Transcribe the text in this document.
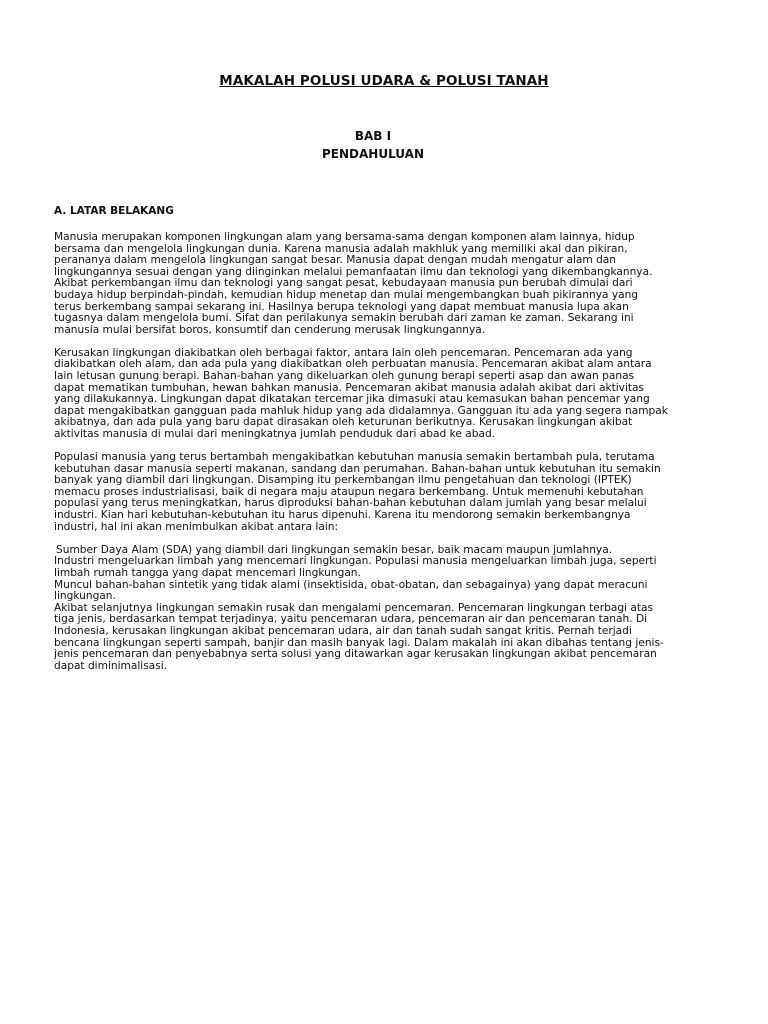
MAKALAH POLUSI UDARA & POLUSI TANAH
BAB I
PENDAHULUAN
A. LATAR BELAKANG
Manusia merupakan komponen lingkungan alam yang bersama-sama dengan komponen alam lainnya, hidup
bersama dan mengelola lingkungan dunia. Karena manusia adalah makhluk yang memiliki akal dan pikiran,
perananya dalam mengelola lingkungan sangat besar. Manusia dapat dengan mudah mengatur alam dan
lingkungannya sesuai dengan yang diinginkan melalui pemanfaatan ilmu dan teknologi yang dikembangkannya.
Akibat perkembangan ilmu dan teknologi yang sangat pesat, kebudayaan manusia pun berubah dimulai dari
budaya hidup berpindah-pindah, kemudian hidup menetap dan mulai mengembangkan buah pikirannya yang
terus berkembang sampai sekarang ini. Hasilnya berupa teknologi yang dapat membuat manusia lupa akan
tugasnya dalam mengelola bumi. Sifat dan perilakunya semakin berubah dari zaman ke zaman. Sekarang ini
manusia mulai bersifat boros, konsumtif dan cenderung merusak lingkungannya.
Kerusakan lingkungan diakibatkan oleh berbagai faktor, antara lain oleh pencemaran. Pencemaran ada yang
diakibatkan oleh alam, dan ada pula yang diakibatkan oleh perbuatan manusia. Pencemaran akibat alam antara
lain letusan gunung berapi. Bahan-bahan yang dikeluarkan oleh gunung berapi seperti asap dan awan panas
dapat mematikan tumbuhan, hewan bahkan manusia. Pencemaran akibat manusia adalah akibat dari aktivitas
yang dilakukannya. Lingkungan dapat dikatakan tercemar jika dimasuki atau kemasukan bahan pencemar yang
dapat mengakibatkan gangguan pada mahluk hidup yang ada didalamnya. Gangguan itu ada yang segera nampak
akibatnya, dan ada pula yang baru dapat dirasakan oleh keturunan berikutnya. Kerusakan lingkungan akibat
aktivitas manusia di mulai dari meningkatnya jumlah penduduk dari abad ke abad.
Populasi manusia yang terus bertambah mengakibatkan kebutuhan manusia semakin bertambah pula, terutama
kebutuhan dasar manusia seperti makanan, sandang dan perumahan. Bahan-bahan untuk kebutuhan itu semakin
banyak yang diambil dari lingkungan. Disamping itu perkembangan ilmu pengetahuan dan teknologi (IPTEK)
memacu proses industrialisasi, baik di negara maju ataupun negara berkembang. Untuk memenuhi kebutahan
populasi yang terus meningkatkan, harus diproduksi bahan-bahan kebutuhan dalam jumlah yang besar melalui
industri. Kian hari kebutuhan-kebutuhan itu harus dipenuhi. Karena itu mendorong semakin berkembangnya
industri, hal ini akan menimbulkan akibat antara lain:
Sumber Daya Alam (SDA) yang diambil dari lingkungan semakin besar, baik macam maupun jumlahnya.
Industri mengeluarkan limbah yang mencemari lingkungan. Populasi manusia mengeluarkan limbah juga, seperti
limbah rumah tangga yang dapat mencemari lingkungan.
Muncul bahan-bahan sintetik yang tidak alami (insektisida, obat-obatan, dan sebagainya) yang dapat meracuni
lingkungan.
Akibat selanjutnya lingkungan semakin rusak dan mengalami pencemaran. Pencemaran lingkungan terbagi atas
tiga jenis, berdasarkan tempat terjadinya, yaitu pencemaran udara, pencemaran air dan pencemaran tanah. Di
Indonesia, kerusakan lingkungan akibat pencemaran udara, air dan tanah sudah sangat kritis. Pernah terjadi
bencana lingkungan seperti sampah, banjir dan masih banyak lagi. Dalam makalah ini akan dibahas tentang jenis-
jenis pencemaran dan penyebabnya serta solusi yang ditawarkan agar kerusakan lingkungan akibat pencemaran
dapat diminimalisasi.
